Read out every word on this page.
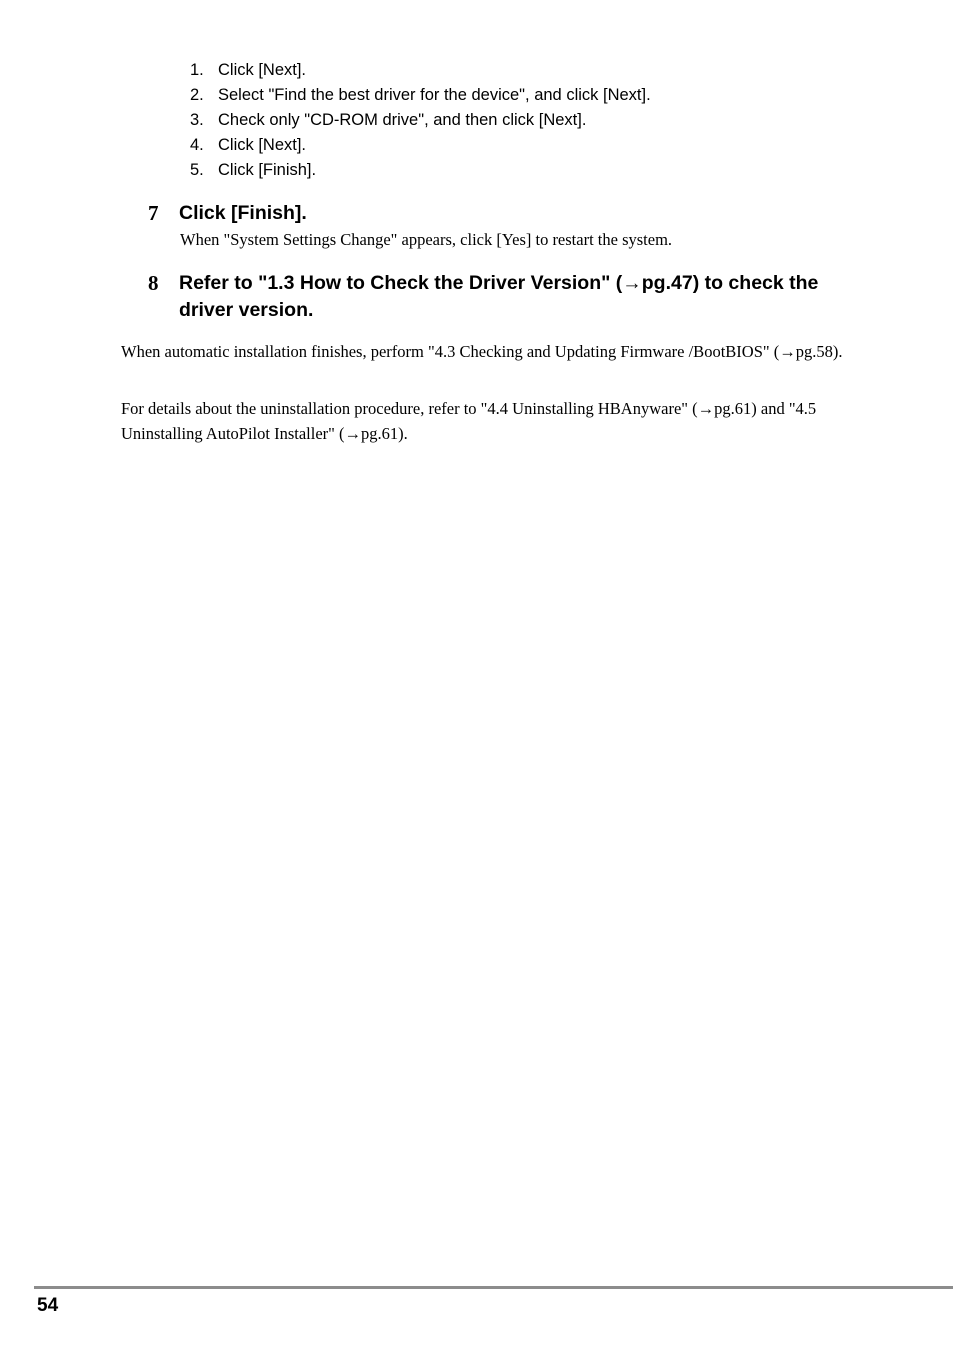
1. Click [Next].
2. Select "Find the best driver for the device", and click [Next].
3. Check only "CD-ROM drive", and then click [Next].
4. Click [Next].
5. Click [Finish].
7 Click [Finish].
When "System Settings Change" appears, click [Yes] to restart the system.
8 Refer to "1.3 How to Check the Driver Version" (→pg.47) to check the driver version.

When automatic installation finishes, perform "4.3 Checking and Updating Firmware /BootBIOS" (→pg.58).

For details about the uninstallation procedure, refer to "4.4 Uninstalling HBAnyware" (→pg.61) and "4.5 Uninstalling AutoPilot Installer" (→pg.61).

54
